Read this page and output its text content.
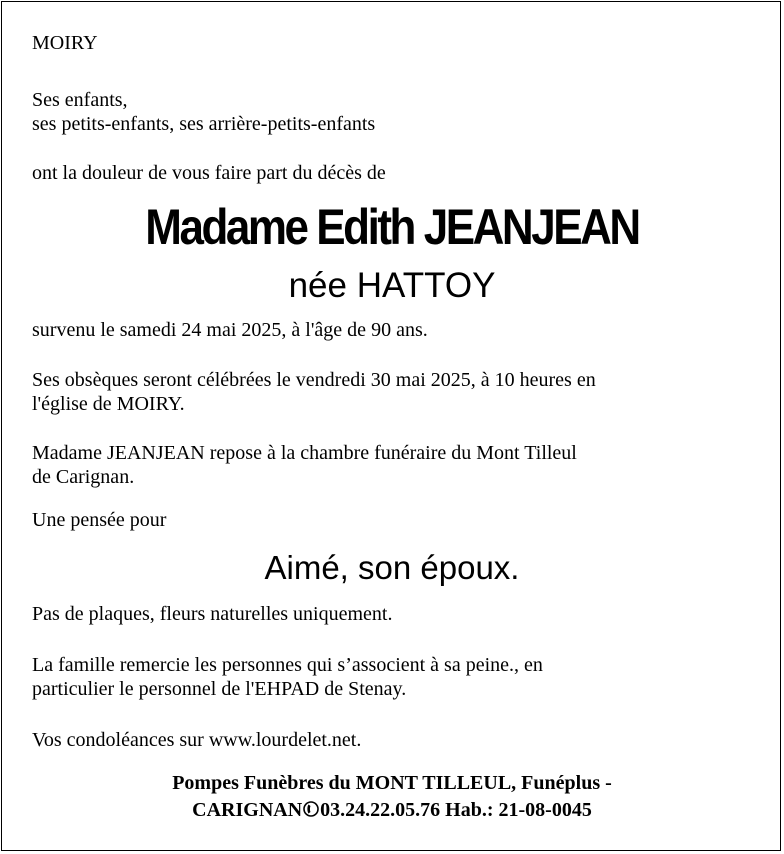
MOIRY

Ses enfants,

ses petits-enfants, ses arrière-petits-enfants

ont la douleur de vous faire part du décès de

Madame Edith JEANJEAN
née HATTOY

survenu le samedi 24 mai 2025, à l'âge de 90 ans.

Ses obsèques seront célébrées le vendredi 30 mai 2025, à 10 heures en
l'église de MOIRY.
Madame JEANJEAN repose à la chambre funéraire du Mont Tilleul
de Carignan.

Une pensée pour

Aimé, son époux.

Pas de plaques, fleurs naturelles uniquement.

La famille remercie les personnes qui s’associent à sa peine., en
particulier le personnel de l'EHPAD de Stenay.

Vos condoléances sur www.lourdelet.net.

Pompes Funèbres du MONT TILLEUL, Funéplus -
CARIGNAN 03.24.22.05.76 Hab.: 21-08-0045
